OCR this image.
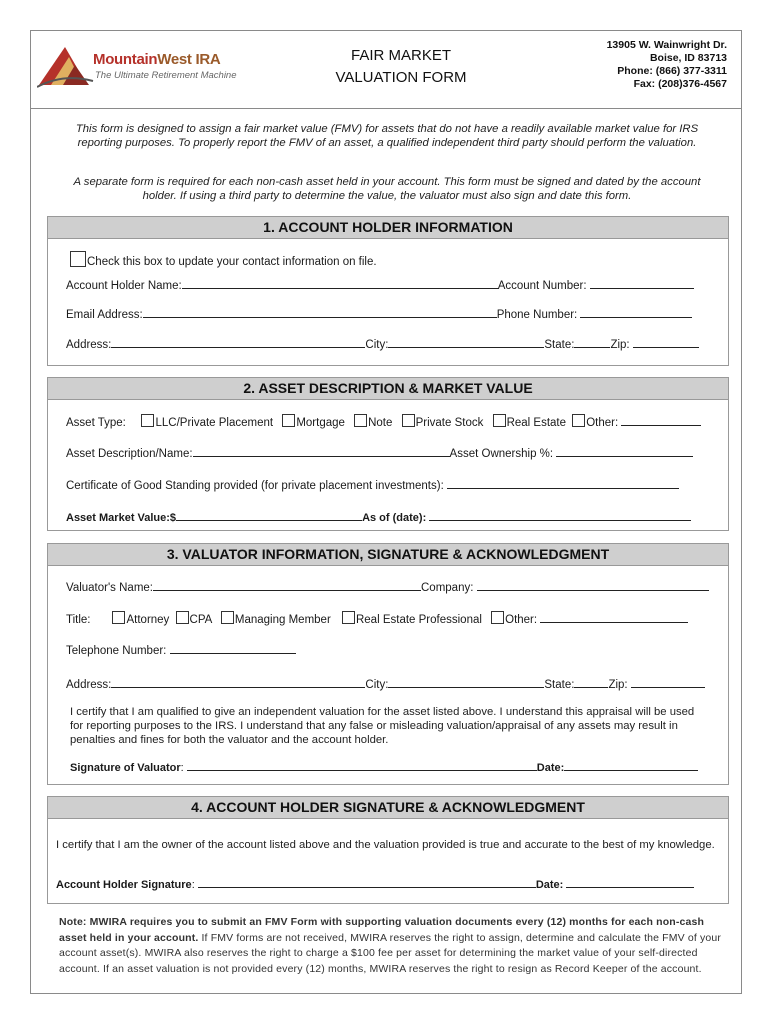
MountainWest IRA
The Ultimate Retirement Machine
FAIR MARKET
VALUATION FORM
13905 W. Wainwright Dr.
Boise, ID 83713
Phone: (866) 377-3311
Fax: (208)376-4567
This form is designed to assign a fair market value (FMV) for assets that do not have a readily available market value for IRS reporting purposes. To properly report the FMV of an asset, a qualified independent third party should perform the valuation.
A separate form is required for each non-cash asset held in your account. This form must be signed and dated by the account holder. If using a third party to determine the value, the valuator must also sign and date this form.
1. ACCOUNT HOLDER INFORMATION
Check this box to update your contact information on file.
Account Holder Name:	Account Number:
Email Address:	Phone Number:
Address:	City:	State:	Zip:
2. ASSET DESCRIPTION & MARKET VALUE
Asset Type:	LLC/Private Placement Mortgage Note Private Stock Real Estate Other:
Asset Description/Name:	Asset Ownership %:
Certificate of Good Standing provided (for private placement investments):
Asset Market Value:$	As of (date):
3. VALUATOR INFORMATION, SIGNATURE & ACKNOWLEDGMENT
Valuator's Name:	Company:
Title:	Attorney CPA Managing Member Real Estate Professional Other:
Telephone Number:
Address:	City:	State:	Zip:
I certify that I am qualified to give an independent valuation for the asset listed above. I understand this appraisal will be used for reporting purposes to the IRS. I understand that any false or misleading valuation/appraisal of any assets may result in penalties and fines for both the valuator and the account holder.
Signature of Valuator:	Date:
4. ACCOUNT HOLDER SIGNATURE & ACKNOWLEDGMENT
I certify that I am the owner of the account listed above and the valuation provided is true and accurate to the best of my knowledge.
Account Holder Signature:	Date:
Note: MWIRA requires you to submit an FMV Form with supporting valuation documents every (12) months for each non-cash asset held in your account. If FMV forms are not received, MWIRA reserves the right to assign, determine and calculate the FMV of your account asset(s). MWIRA also reserves the right to charge a $100 fee per asset for determining the market value of your self-directed account. If an asset valuation is not provided every (12) months, MWIRA reserves the right to resign as Record Keeper of the account.
